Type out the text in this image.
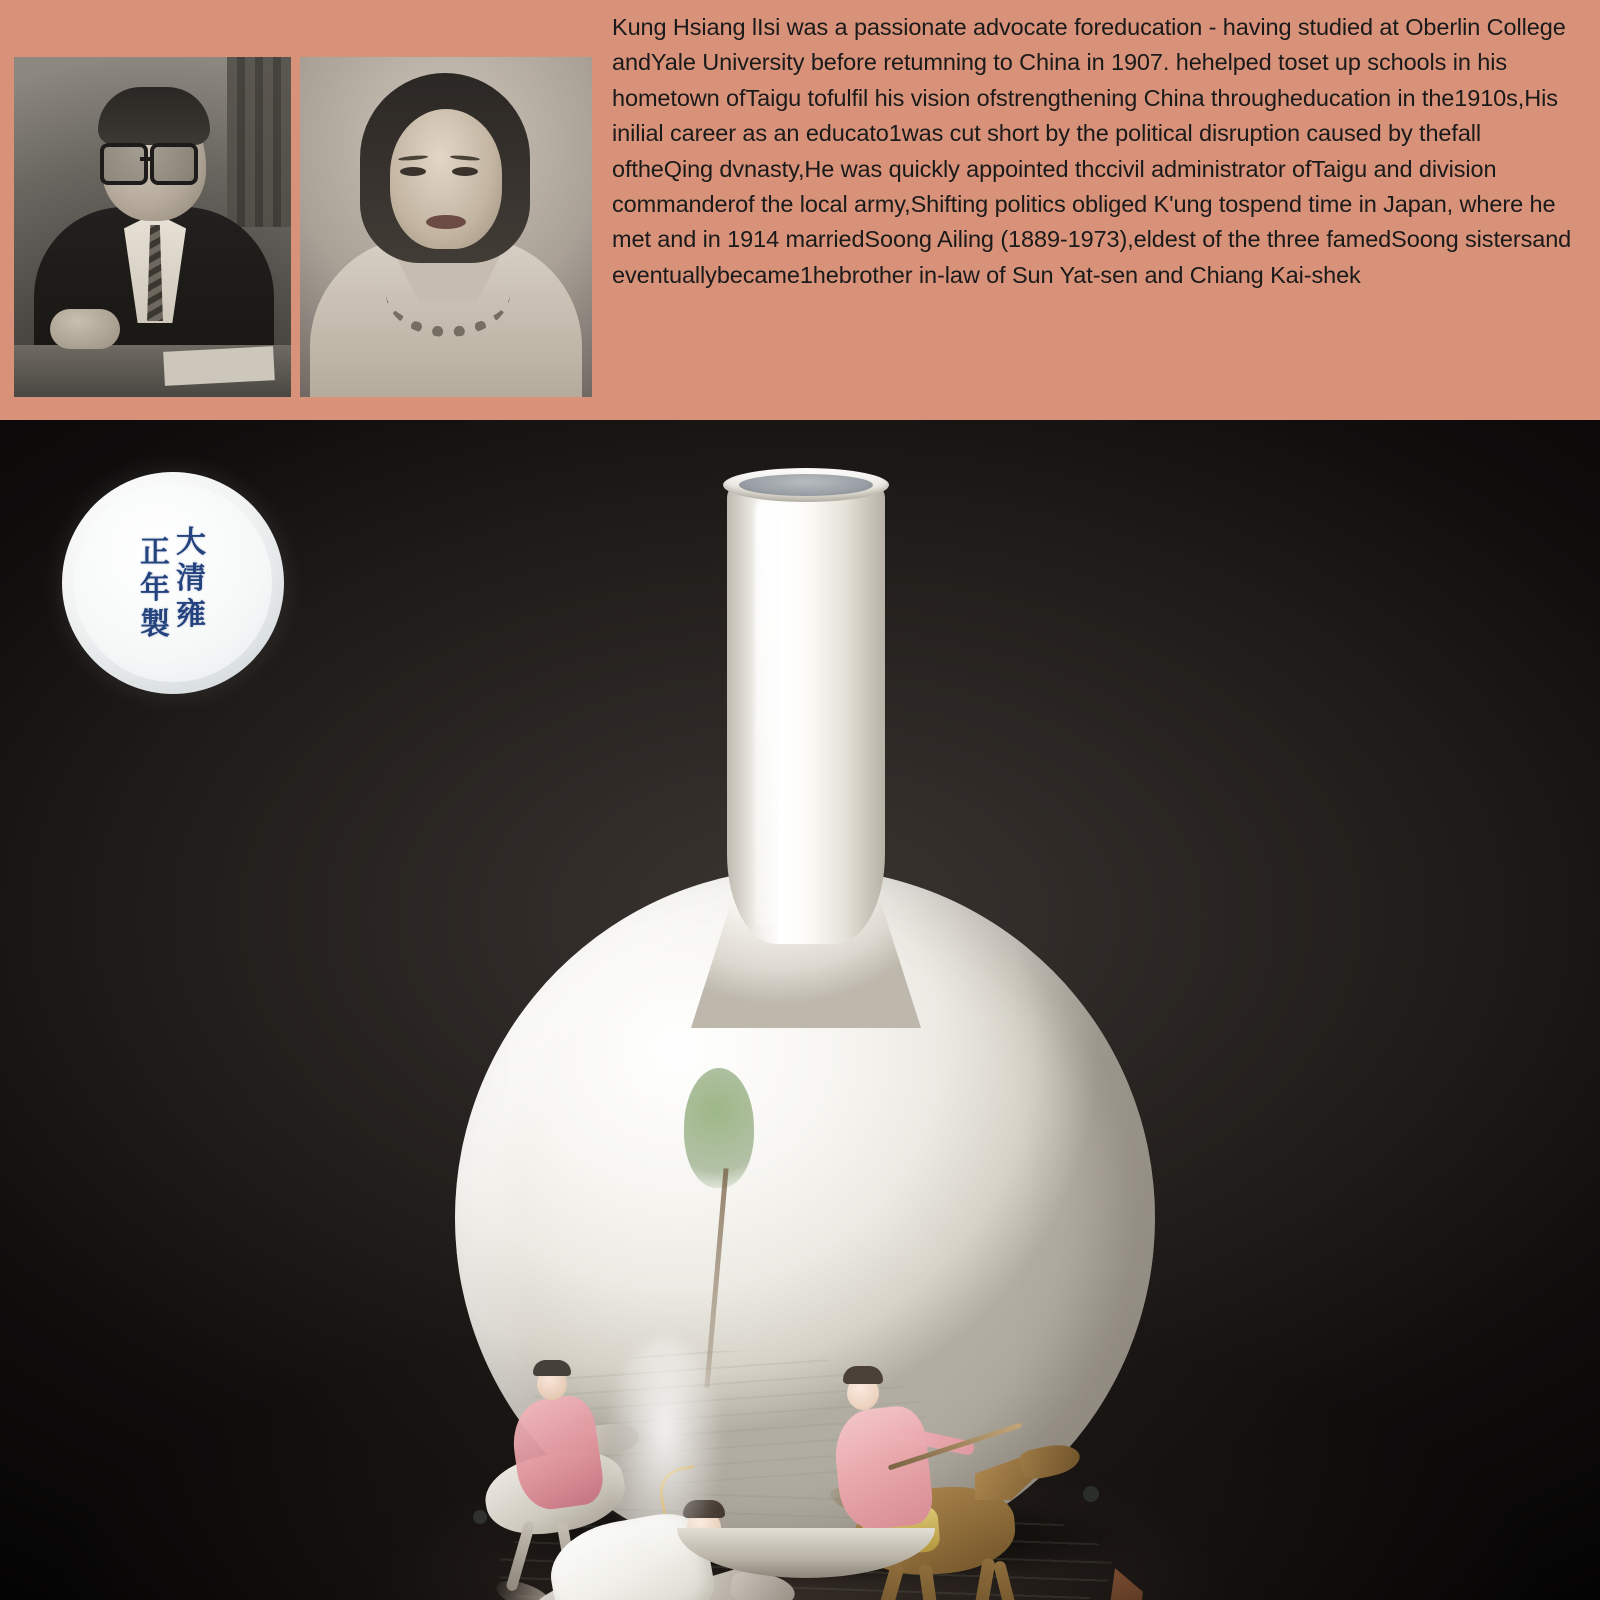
Kung Hsiang lIsi was a passionate advocate foreducation - having studied at Oberlin College andYale University before retumning to China in 1907. hehelped toset up schools in his hometown ofTaigu tofulfil his vision ofstrengthening China througheducation in the1910s,His inilial career as an educato1was cut short by the political disruption caused by thefall oftheQing dvnasty,He was quickly appointed thccivil administrator ofTaigu and division commanderof the local army,Shifting politics obliged K'ung tospend time in Japan, where he met and in 1914 marriedSoong Ailing (1889-1973),eldest of the three famedSoong sistersand eventuallybecame1hebrother in-law of Sun Yat-sen and Chiang Kai-shek
大
清
雍
正
年
製
